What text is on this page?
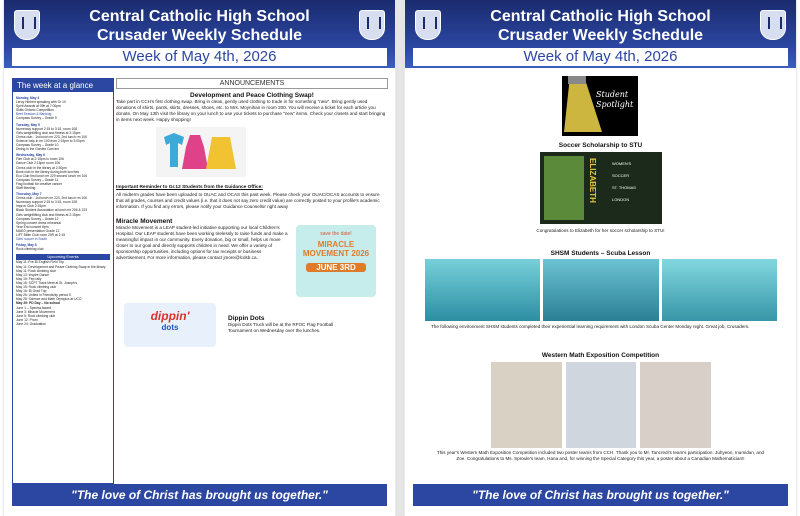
Central Catholic High School
Crusader Weekly Schedule
Week of May 4th, 2026
The week at a glance
Monday, May 4
Leroy Hibbert speaking with Gr 10
Spirit Awards at 09h at 7:00pm
Skills Ontario Competition
Beef Session & Banking
Compass Survey – Grade 9
Tuesday, May 5
Numeracy support 2:15 to 3:15, room 108
Girls weightlifting club and fitness at 2:15pm
Chess club - 1st lunch rm 223, 2nd lunch rm 106
Science help in rm 100 from 2:15pm to 3:00pm
Compass Survey – Grade 10
Dining in the Garden Concert
Wednesday, May 6
Film Club at 2:15pm in room 106
Dance Club 2:15pm room 106
Chess club in the library at 2:30pm
Book club in the library during both lunches
Eco Club first lunch rm 229 second lunch rm 106
Compass Survey – Grade 11
Flag football for creative cancer
Staff Meeting
Thursday, May 7
Chess club - 1st lunch rm 223, 2nd lunch rm 106
Numeracy support 2:15 to 3:15, room 108
Improv Club 2:15pm
Black Student Association at lunch rm 206 & 223
Girls weightlifting club and fitness at 2:15pm
Compass Survey – Grade 12
Spring concert dress rehearsal
Year End concert 6pm
MAEO presentation Grade 12
LIFT Bible Club room 20R at 2:15
Girls' soccer in South
Friday, May 8
Rock climbing club
Upcoming Events
May 11: Pre-IB English Field Trip
May 11: Development and Peace Clothing Swap in the library
May 11: Rock climbing club
May 13: Inspire Dance
May 15: Pep rally
May 15: SCPT Track Meet at St. Joseph's
May 15: Rock climbing club
May 16: IB Grad Trip
May 26: United in Friendship period 5
May 28: Science and Math Olympics at UCO
May 29: PD Day – No school
June 1 – Spectra Award
June 3: Miracle Movement
June 5: Rock climbing club
June 12: Prom
June 24: Graduation
ANNOUNCEMENTS
Development and Peace Clothing Swap!
Take part in CCH's first clothing swap. Bring in clean, gently used clothing to trade in for something "new". Bring gently used donations of shirts, pants, skirts, dresses, shoes, etc. to Mrs. Moynihan in room 200. You will receive a ticket for each article you donate. On May 13th visit the library on your lunch to use your tickets to purchase "new" items. Check your closets and start bringing in items next week. Happy shopping!
Important Reminder to Gr.12 Students from the Guidance Office:
All midterm grades have been uploaded to OUAC and OCAS this past week. Please check your OUAC/OCAS accounts to ensure that all grades, courses and credit values (i.e. that it does not say zero credit value) are correctly posted to your profile's academic information. If you find any errors, please notify your Guidance Counsellor right away
Miracle Movement
Miracle Movement is a LEAP student-led initiative supporting our local Children's Hospital. Our LEAP students have been working tirelessly to raise funds and make a meaningful impact in our community. Every donation, big or small, helps us move closer to our goal and directly supports children in need. We offer a variety of sponsorship opportunities, including options for tax receipts or business advertisement. For more information, please contact jmore@lcdsb.ca.
save the date!
MIRACLE MOVEMENT 2026
JUNE 3RD
dippin'
dots
Dippin Dots
Dippin Dots Truck will be at the RFOC Flag Football Tournament on Wednesday over the lunches.
"The love of Christ has brought us together."
Central Catholic High School
Crusader Weekly Schedule
Week of May 4th, 2026
Student
Spotlight
Soccer Scholarship to STU
ELIZABETH	WOMEN'S
SOCCER
ST. THOMAS
LONDON
Congratulations to Elizabeth for her soccer scholarship to STU!
SHSM Students – Scuba Lesson
The following environment SHSM students completed their experiential learning requirement with London Scuba Center Monday night. Great job, Crusaders.
Western Math Exposition Competition
This year's Western Math Exposition Competition included two poster teams from CCH. Thank you to Mr. Tancredi's team's participation: Juhyeon, Inumidun, and Zoe. Congratulations to Ms. Sproule's team, Hana and, for winning the Special Category this year, a poster about a Canadian Mathematician!!
"The love of Christ has brought us together."
